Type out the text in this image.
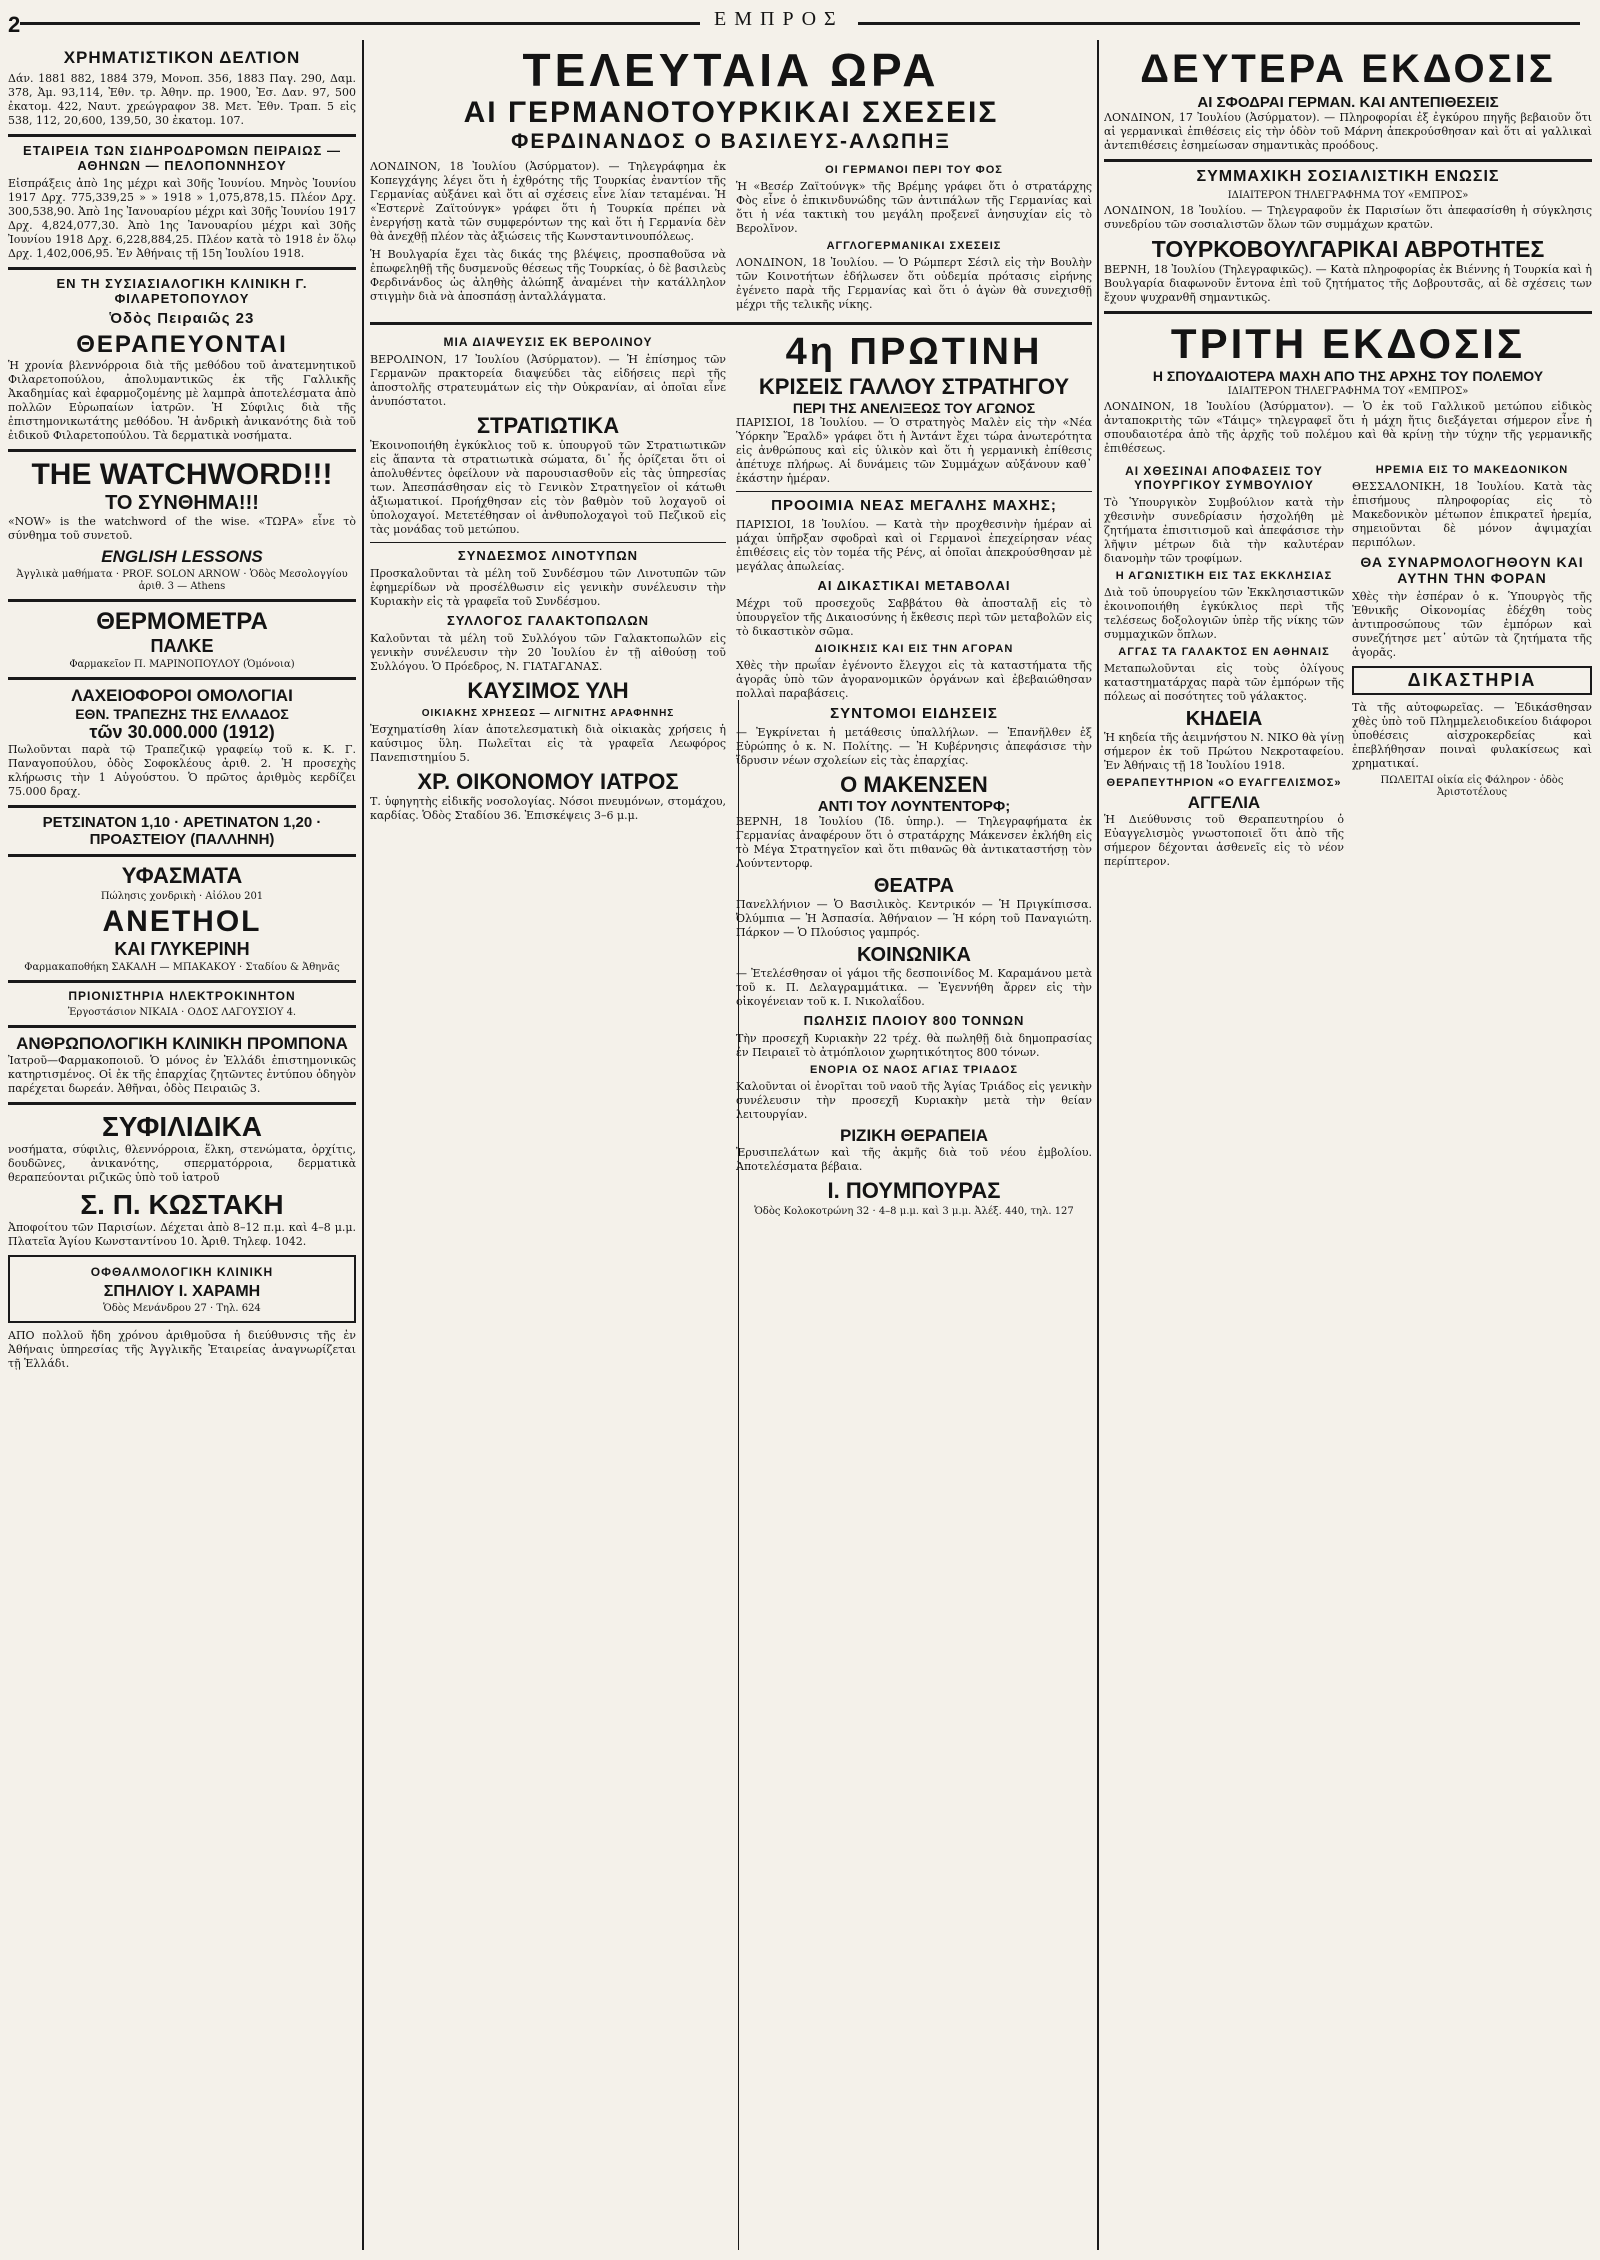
2	ΕΜΠΡΟΣ
ΧΡΗΜΑΤΙΣΤΙΚΟΝ ΔΕΛΤΙΟΝ

Δάν. 1881 882, 1884 379, Μονοπ. 356, 1883 Παγ. 290, Δαμ. 378, Ἀμ. 93,114, Ἐθν. τρ. Ἀθην. πρ. 1900, Ἐσ. Δαν. 97, 500 ἐκατομ. 422, Ναυτ. χρεώγραφον 38. Μετ. Ἐθν. Τραπ. 5 εἰς 538, 112, 20,600, 139,50, 30 ἐκατομ. 107.

ΕΤΑΙΡΕΙΑ ΤΩΝ ΣΙΔΗΡΟΔΡΟΜΩΝ ΠΕΙΡΑΙΩΣ — ΑΘΗΝΩΝ — ΠΕΛΟΠΟΝΝΗΣΟΥ

Εἰσπράξεις ἀπὸ 1ης μέχρι καὶ 30ῆς Ἰουνίου. Μηνὸς Ἰουνίου 1917 Δρχ. 775,339,25 » » 1918 » 1,075,878,15. Πλέον Δρχ. 300,538,90. Ἀπὸ 1ης Ἰανουαρίου μέχρι καὶ 30ῆς Ἰουνίου 1917 Δρχ. 4,824,077,30. Ἀπὸ 1ης Ἰανουαρίου μέχρι καὶ 30ῆς Ἰουνίου 1918 Δρχ. 6,228,884,25. Πλέον κατὰ τὸ 1918 ἐν ὅλῳ Δρχ. 1,402,006,95. Ἐν Ἀθήναις τῇ 15η Ἰουλίου 1918.

ΕΝ ΤΗ ΣΥΣΙΑΣΙΑΛΟΓΙΚΗ ΚΛΙΝΙΚΗ Γ. ΦΙΛΑΡΕΤΟΠΟΥΛΟΥ
Ὁδὸς Πειραιῶς 23
ΘΕΡΑΠΕΥΟΝΤΑΙ

Ἡ χρονία βλεννόρροια διὰ τῆς μεθόδου τοῦ ἀνατεμνητικοῦ Φιλαρετοπούλου, ἀπολυμαντικῶς ἐκ τῆς Γαλλικῆς Ἀκαδημίας καὶ ἐφαρμοζομένης μὲ λαμπρὰ ἀποτελέσματα ἀπὸ πολλῶν Εὐρωπαίων ἰατρῶν. Ἡ Σύφιλις διὰ τῆς ἐπιστημονικωτάτης μεθόδου. Ἡ ἀνδρικὴ ἀνικανότης διὰ τοῦ ἐιδικοῦ Φιλαρετοπούλου. Τὰ δερματικὰ νοσήματα.

THE WATCHWORD!!!
ΤΟ ΣΥΝΘΗΜΑ!!!

«NOW» is the watchword of the wise. «ΤΩΡΑ» εἶνε τὸ σύνθημα τοῦ συνετοῦ.

ENGLISH LESSONS

Ἀγγλικὰ μαθήματα · PROF. SOLON ARNOW · Ὁδὸς Μεσολογγίου ἀριθ. 3 — Athens

ΘΕΡΜΟΜΕΤΡΑ
ΠΑΛΚΕ

Φαρμακεῖον Π. ΜΑΡΙΝΟΠΟΥΛΟΥ (Ὁμόνοια)

ΛΑΧΕΙΟΦΟΡΟΙ ΟΜΟΛΟΓΙΑΙ
ΕΘΝ. ΤΡΑΠΕΖΗΣ ΤΗΣ ΕΛΛΑΔΟΣ
τῶν 30.000.000 (1912)

Πωλοῦνται παρὰ τῷ Τραπεζικῷ γραφείῳ τοῦ κ. Κ. Γ. Παναγοπούλου, ὁδὸς Σοφοκλέους ἀριθ. 2. Ἡ προσεχὴς κλήρωσις τὴν 1 Αὐγούστου. Ὁ πρῶτος ἀριθμὸς κερδίζει 75.000 δραχ.

ΡΕΤΣΙΝΑΤΟΝ 1,10 · ΑΡΕΤΙΝΑΤΟΝ 1,20 · ΠΡΟΑΣΤΕΙΟΥ (ΠΑΛΛΗΝΗ)
ΥΦΑΣΜΑΤΑ

Πώλησις χονδρικὴ · Αἰόλου 201

ANETHOL
ΚΑΙ ΓΛΥΚΕΡΙΝΗ

Φαρμακαποθήκη ΣΑΚΑΛΗ — ΜΠΑΚΑΚΟΥ · Σταδίου & Ἀθηνᾶς

ΠΡΙΟΝΙΣΤΗΡΙΑ ΗΛΕΚΤΡΟΚΙΝΗΤΟΝ

Ἐργοστάσιον ΝΙΚΑΙΑ · ΟΔΟΣ ΛΑΓΟΥΣΙΟΥ 4.

ΑΝΘΡΩΠΟΛΟΓΙΚΗ ΚΛΙΝΙΚΗ ΠΡΟΜΠΟΝΑ

Ἰατροῦ—Φαρμακοποιοῦ. Ὁ μόνος ἐν Ἑλλάδι ἐπιστημονικῶς κατηρτισμένος. Οἱ ἐκ τῆς ἐπαρχίας ζητῶντες ἐντύπου ὁδηγὸν παρέχεται δωρεάν. Ἀθῆναι, ὁδὸς Πειραιῶς 3.

ΣΥΦΙΛΙΔΙΚΑ

νοσήματα, σύφιλις, θλεννόρροια, ἕλκη, στενώματα, ὀρχίτις, δουδῶνες, ἀνικανότης, σπερματόρροια, δερματικὰ θεραπεύονται ριζικῶς ὑπὸ τοῦ ἰατροῦ

Σ. Π. ΚΩΣΤΑΚΗ

Ἀποφοίτου τῶν Παρισίων. Δέχεται ἀπὸ 8–12 π.μ. καὶ 4–8 μ.μ. Πλατεῖα Ἁγίου Κωνσταντίνου 10. Ἀριθ. Τηλεφ. 1042.

ΟΦΘΑΛΜΟΛΟΓΙΚΗ ΚΛΙΝΙΚΗ
ΣΠΗΛΙΟΥ Ι. ΧΑΡΑΜΗ

Ὁδὸς Μενάνδρου 27 · Τηλ. 624

ΑΠΟ πολλοῦ ἤδη χρόνου ἀριθμοῦσα ἡ διεύθυνσις τῆς ἐν Ἀθήναις ὑπηρεσίας τῆς Ἀγγλικῆς Ἐταιρείας ἀναγνωρίζεται τῇ Ἑλλάδι.

ΤΕΛΕΥΤΑΙΑ ΩΡΑ
ΑΙ ΓΕΡΜΑΝΟΤΟΥΡΚΙΚΑΙ ΣΧΕΣΕΙΣ
ΦΕΡΔΙΝΑΝΔΟΣ Ο ΒΑΣΙΛΕΥΣ-ΑΛΩΠΗΞ

ΛΟΝΔΙΝΟΝ, 18 Ἰουλίου (Ἀσύρματον). — Τηλεγράφημα ἐκ Κοπεγχάγης λέγει ὅτι ἡ ἐχθρότης τῆς Τουρκίας ἐναντίον τῆς Γερμανίας αὐξάνει καὶ ὅτι αἱ σχέσεις εἶνε λίαν τεταμέναι. Ἡ «Ἐστερνὲ Ζαϊτούνγκ» γράφει ὅτι ἡ Τουρκία πρέπει νὰ ἐνεργήσῃ κατὰ τῶν συμφερόντων της καὶ ὅτι ἡ Γερμανία δὲν θὰ ἀνεχθῇ πλέον τὰς ἀξιώσεις τῆς Κωνσταντινουπόλεως.

Ἡ Βουλγαρία ἔχει τὰς δικάς της βλέψεις, προσπαθοῦσα νὰ ἐπωφεληθῇ τῆς δυσμενοῦς θέσεως τῆς Τουρκίας, ὁ δὲ βασιλεὺς Φερδινάνδος ὡς ἀληθὴς ἀλώπηξ ἀναμένει τὴν κατάλληλον στιγμὴν διὰ νὰ ἀποσπάσῃ ἀνταλλάγματα.

ΟΙ ΓΕΡΜΑΝΟΙ ΠΕΡΙ ΤΟΥ ΦΟΣ

Ἡ «Βεσέρ Ζαϊτούνγκ» τῆς Βρέμης γράφει ὅτι ὁ στρατάρχης Φὸς εἶνε ὁ ἐπικινδυνώδης τῶν ἀντιπάλων τῆς Γερμανίας καὶ ὅτι ἡ νέα τακτικὴ του μεγάλη προξενεῖ ἀνησυχίαν εἰς τὸ Βερολῖνον.

ΑΓΓΛΟΓΕΡΜΑΝΙΚΑΙ ΣΧΕΣΕΙΣ

ΛΟΝΔΙΝΟΝ, 18 Ἰουλίου. — Ὁ Ρώμπερτ Σέσιλ εἰς τὴν Βουλὴν τῶν Κοινοτήτων ἐδήλωσεν ὅτι οὐδεμία πρότασις εἰρήνης ἐγένετο παρὰ τῆς Γερμανίας καὶ ὅτι ὁ ἀγὼν θὰ συνεχισθῇ μέχρι τῆς τελικῆς νίκης.

ΜΙΑ ΔΙΑΨΕΥΣΙΣ ΕΚ ΒΕΡΟΛΙΝΟΥ

ΒΕΡΟΛΙΝΟΝ, 17 Ἰουλίου (Ἀσύρματον). — Ἡ ἐπίσημος τῶν Γερμανῶν πρακτορεία διαψεύδει τὰς εἰδήσεις περὶ τῆς ἀποστολῆς στρατευμάτων εἰς τὴν Οὐκρανίαν, αἱ ὁποῖαι εἶνε ἀνυπόστατοι.

ΣΤΡΑΤΙΩΤΙΚΑ

Ἐκοινοποιήθη ἐγκύκλιος τοῦ κ. ὑπουργοῦ τῶν Στρατιωτικῶν εἰς ἅπαντα τὰ στρατιωτικὰ σώματα, δι᾿ ἧς ὁρίζεται ὅτι οἱ ἀπολυθέντες ὀφείλουν νὰ παρουσιασθοῦν εἰς τὰς ὑπηρεσίας των. Ἀπεσπάσθησαν εἰς τὸ Γενικὸν Στρατηγεῖον οἱ κάτωθι ἀξιωματικοί. Προήχθησαν εἰς τὸν βαθμὸν τοῦ λοχαγοῦ οἱ ὑπολοχαγοί. Μετετέθησαν οἱ ἀνθυπολοχαγοὶ τοῦ Πεζικοῦ εἰς τὰς μονάδας τοῦ μετώπου.

ΣΥΝΔΕΣΜΟΣ ΛΙΝΟΤΥΠΩΝ

Προσκαλοῦνται τὰ μέλη τοῦ Συνδέσμου τῶν Λινοτυπῶν τῶν ἐφημερίδων νὰ προσέλθωσιν εἰς γενικὴν συνέλευσιν τὴν Κυριακὴν εἰς τὰ γραφεῖα τοῦ Συνδέσμου.

ΣΥΛΛΟΓΟΣ ΓΑΛΑΚΤΟΠΩΛΩΝ

Καλοῦνται τὰ μέλη τοῦ Συλλόγου τῶν Γαλακτοπωλῶν εἰς γενικὴν συνέλευσιν τὴν 20 Ἰουλίου ἐν τῇ αἰθούσῃ τοῦ Συλλόγου. Ὁ Πρόεδρος, Ν. ΓΙΑΤΑΓΑΝΑΣ.

ΚΑΥΣΙΜΟΣ ΥΛΗ
ΟΙΚΙΑΚΗΣ ΧΡΗΣΕΩΣ — ΛΙΓΝΙΤΗΣ ΑΡΑΦΗΝΗΣ

Ἐσχηματίσθη λίαν ἀποτελεσματικὴ διὰ οἰκιακὰς χρήσεις ἡ καύσιμος ὕλη. Πωλεῖται εἰς τὰ γραφεῖα Λεωφόρος Πανεπιστημίου 5.

ΧΡ. ΟΙΚΟΝΟΜΟΥ ΙΑΤΡΟΣ

Τ. ὑφηγητὴς εἰδικῆς νοσολογίας. Νόσοι πνευμόνων, στομάχου, καρδίας. Ὁδὸς Σταδίου 36. Ἐπισκέψεις 3–6 μ.μ.

4η ΠΡΩΤΙΝΗ
ΚΡΙΣΕΙΣ ΓΑΛΛΟΥ ΣΤΡΑΤΗΓΟΥ
ΠΕΡΙ ΤΗΣ ΑΝΕΛΙΞΕΩΣ ΤΟΥ ΑΓΩΝΟΣ

ΠΑΡΙΣΙΟΙ, 18 Ἰουλίου. — Ὁ στρατηγὸς Μαλὲν εἰς τὴν «Νέα Ὑόρκην Ἕραλδ» γράφει ὅτι ἡ Ἀντάντ ἔχει τώρα ἀνωτερότητα εἰς ἀνθρώπους καὶ εἰς ὑλικὸν καὶ ὅτι ἡ γερμανικὴ ἐπίθεσις ἀπέτυχε πλήρως. Αἱ δυνάμεις τῶν Συμμάχων αὐξάνουν καθ᾿ ἑκάστην ἡμέραν.

ΠΡΟΟΙΜΙΑ ΝΕΑΣ ΜΕΓΑΛΗΣ ΜΑΧΗΣ;

ΠΑΡΙΣΙΟΙ, 18 Ἰουλίου. — Κατὰ τὴν προχθεσινὴν ἡμέραν αἱ μάχαι ὑπῆρξαν σφοδραὶ καὶ οἱ Γερμανοὶ ἐπεχείρησαν νέας ἐπιθέσεις εἰς τὸν τομέα τῆς Ρένς, αἱ ὁποῖαι ἀπεκρούσθησαν μὲ μεγάλας ἀπωλείας.

ΑΙ ΔΙΚΑΣΤΙΚΑΙ ΜΕΤΑΒΟΛΑΙ

Μέχρι τοῦ προσεχοῦς Σαββάτου θὰ ἀποσταλῇ εἰς τὸ ὑπουργεῖον τῆς Δικαιοσύνης ἡ ἔκθεσις περὶ τῶν μεταβολῶν εἰς τὸ δικαστικὸν σῶμα.

ΔΙΟΙΚΗΣΙΣ ΚΑΙ ΕΙΣ ΤΗΝ ΑΓΟΡΑΝ

Χθὲς τὴν πρωΐαν ἐγένοντο ἔλεγχοι εἰς τὰ καταστήματα τῆς ἀγορᾶς ὑπὸ τῶν ἀγορανομικῶν ὀργάνων καὶ ἐβεβαιώθησαν πολλαὶ παραβάσεις.

ΣΥΝΤΟΜΟΙ ΕΙΔΗΣΕΙΣ

— Ἐγκρίνεται ἡ μετάθεσις ὑπαλλήλων. — Ἐπανῆλθεν ἐξ Εὐρώπης ὁ κ. Ν. Πολίτης. — Ἡ Κυβέρνησις ἀπεφάσισε τὴν ἵδρυσιν νέων σχολείων εἰς τὰς ἐπαρχίας.

Ο ΜΑΚΕΝΣΕΝ
ΑΝΤΙ ΤΟΥ ΛΟΥΝΤΕΝΤΟΡΦ;

ΒΕΡΝΗ, 18 Ἰουλίου (Ἰδ. ὑπηρ.). — Τηλεγραφήματα ἐκ Γερμανίας ἀναφέρουν ὅτι ὁ στρατάρχης Μάκενσεν ἐκλήθη εἰς τὸ Μέγα Στρατηγεῖον καὶ ὅτι πιθανῶς θὰ ἀντικαταστήσῃ τὸν Λούντεντορφ.

ΘΕΑΤΡΑ

Πανελλήνιον — Ὁ Βασιλικὸς. Κεντρικόν — Ἡ Πριγκίπισσα. Ὀλύμπια — Ἡ Ἀσπασία. Ἀθήναιον — Ἡ κόρη τοῦ Παναγιώτη. Πάρκον — Ὁ Πλούσιος γαμπρός.

ΚΟΙΝΩΝΙΚΑ

— Ἐτελέσθησαν οἱ γάμοι τῆς δεσποινίδος Μ. Καραμάνου μετὰ τοῦ κ. Π. Δελαγραμμάτικα. — Ἐγεννήθη ἄρρεν εἰς τὴν οἰκογένειαν τοῦ κ. Ι. Νικολαΐδου.

ΠΩΛΗΣΙΣ ΠΛΟΙΟΥ 800 ΤΟΝΝΩΝ

Τὴν προσεχῆ Κυριακὴν 22 τρέχ. θὰ πωληθῇ διὰ δημοπρασίας ἐν Πειραιεῖ τὸ ἀτμόπλοιον χωρητικότητος 800 τόνων.

ΕΝΟΡΙΑ ΟΣ ΝΑΟΣ ΑΓΙΑΣ ΤΡΙΑΔΟΣ

Καλοῦνται οἱ ἐνορῖται τοῦ ναοῦ τῆς Ἁγίας Τριάδος εἰς γενικὴν συνέλευσιν τὴν προσεχῆ Κυριακὴν μετὰ τὴν θείαν λειτουργίαν.

ΡΙΖΙΚΗ ΘΕΡΑΠΕΙΑ

Ἐρυσιπελάτων καὶ τῆς ἀκμῆς διὰ τοῦ νέου ἐμβολίου. Ἀποτελέσματα βέβαια.

Ι. ΠΟΥΜΠΟΥΡΑΣ

Ὁδὸς Κολοκοτρώνη 32 · 4–8 μ.μ. καὶ 3 μ.μ. Ἀλέξ. 440, τηλ. 127

ΔΕΥΤΕΡΑ ΕΚΔΟΣΙΣ
ΑΙ ΣΦΟΔΡΑΙ ΓΕΡΜΑΝ. ΚΑΙ ΑΝΤΕΠΙΘΕΣΕΙΣ

ΛΟΝΔΙΝΟΝ, 17 Ἰουλίου (Ἀσύρματον). — Πληροφορίαι ἐξ ἐγκύρου πηγῆς βεβαιοῦν ὅτι αἱ γερμανικαὶ ἐπιθέσεις εἰς τὴν ὁδὸν τοῦ Μάρνη ἀπεκρούσθησαν καὶ ὅτι αἱ γαλλικαὶ ἀντεπιθέσεις ἐσημείωσαν σημαντικὰς προόδους.

ΣΥΜΜΑΧΙΚΗ ΣΟΣΙΑΛΙΣΤΙΚΗ ΕΝΩΣΙΣ
ΙΔΙΑΙΤΕΡΟΝ ΤΗΛΕΓΡΑΦΗΜΑ ΤΟΥ «ΕΜΠΡΟΣ»

ΛΟΝΔΙΝΟΝ, 18 Ἰουλίου. — Τηλεγραφοῦν ἐκ Παρισίων ὅτι ἀπεφασίσθη ἡ σύγκλησις συνεδρίου τῶν σοσιαλιστῶν ὅλων τῶν συμμάχων κρατῶν.

ΤΟΥΡΚΟΒΟΥΛΓΑΡΙΚΑΙ ΑΒΡΟΤΗΤΕΣ

ΒΕΡΝΗ, 18 Ἰουλίου (Τηλεγραφικῶς). — Κατὰ πληροφορίας ἐκ Βιέννης ἡ Τουρκία καὶ ἡ Βουλγαρία διαφωνοῦν ἔντονα ἐπὶ τοῦ ζητήματος τῆς Δοβρουτσᾶς, αἱ δὲ σχέσεις των ἔχουν ψυχρανθῆ σημαντικῶς.

ΤΡΙΤΗ ΕΚΔΟΣΙΣ
Η ΣΠΟΥΔΑΙΟΤΕΡΑ ΜΑΧΗ ΑΠΟ ΤΗΣ ΑΡΧΗΣ ΤΟΥ ΠΟΛΕΜΟΥ
ΙΔΙΑΙΤΕΡΟΝ ΤΗΛΕΓΡΑΦΗΜΑ ΤΟΥ «ΕΜΠΡΟΣ»

ΛΟΝΔΙΝΟΝ, 18 Ἰουλίου (Ἀσύρματον). — Ὁ ἐκ τοῦ Γαλλικοῦ μετώπου εἰδικὸς ἀνταποκριτὴς τῶν «Τάιμς» τηλεγραφεῖ ὅτι ἡ μάχη ἥτις διεξάγεται σήμερον εἶνε ἡ σπουδαιοτέρα ἀπὸ τῆς ἀρχῆς τοῦ πολέμου καὶ θὰ κρίνῃ τὴν τύχην τῆς γερμανικῆς ἐπιθέσεως.

ΑΙ ΧΘΕΣΙΝΑΙ ΑΠΟΦΑΣΕΙΣ ΤΟΥ ΥΠΟΥΡΓΙΚΟΥ ΣΥΜΒΟΥΛΙΟΥ

Τὸ Ὑπουργικὸν Συμβούλιον κατὰ τὴν χθεσινὴν συνεδρίασιν ἠσχολήθη μὲ ζητήματα ἐπισιτισμοῦ καὶ ἀπεφάσισε τὴν λῆψιν μέτρων διὰ τὴν καλυτέραν διανομὴν τῶν τροφίμων.

Η ΑΓΩΝΙΣΤΙΚΗ ΕΙΣ ΤΑΣ ΕΚΚΛΗΣΙΑΣ

Διὰ τοῦ ὑπουργείου τῶν Ἐκκλησιαστικῶν ἐκοινοποιήθη ἐγκύκλιος περὶ τῆς τελέσεως δοξολογιῶν ὑπὲρ τῆς νίκης τῶν συμμαχικῶν ὅπλων.

ΑΓΓΑΣ ΤΑ ΓΑΛΑΚΤΟΣ ΕΝ ΑΘΗΝΑΙΣ

Μεταπωλοῦνται εἰς τοὺς ὀλίγους καταστηματάρχας παρὰ τῶν ἐμπόρων τῆς πόλεως αἱ ποσότητες τοῦ γάλακτος.

ΚΗΔΕΙΑ

Ἡ κηδεία τῆς ἀειμνήστου Ν. ΝΙΚΟ θὰ γίνῃ σήμερον ἐκ τοῦ Πρώτου Νεκροταφείου. Ἐν Ἀθήναις τῇ 18 Ἰουλίου 1918.

ΘΕΡΑΠΕΥΤΗΡΙΟΝ «Ο ΕΥΑΓΓΕΛΙΣΜΟΣ»
ΑΓΓΕΛΙΑ

Ἡ Διεύθυνσις τοῦ Θεραπευτηρίου ὁ Εὐαγγελισμὸς γνωστοποιεῖ ὅτι ἀπὸ τῆς σήμερον δέχονται ἀσθενεῖς εἰς τὸ νέον περίπτερον.

ΗΡΕΜΙΑ ΕΙΣ ΤΟ ΜΑΚΕΔΟΝΙΚΟΝ

ΘΕΣΣΑΛΟΝΙΚΗ, 18 Ἰουλίου. Κατὰ τὰς ἐπισήμους πληροφορίας εἰς τὸ Μακεδονικὸν μέτωπον ἐπικρατεῖ ἡρεμία, σημειοῦνται δὲ μόνον ἀψιμαχίαι περιπόλων.

ΘΑ ΣΥΝΑΡΜΟΛΟΓΗΘΟΥΝ ΚΑΙ ΑΥΤΗΝ ΤΗΝ ΦΟΡΑΝ

Χθὲς τὴν ἑσπέραν ὁ κ. Ὑπουργὸς τῆς Ἐθνικῆς Οἰκονομίας ἐδέχθη τοὺς ἀντιπροσώπους τῶν ἐμπόρων καὶ συνεζήτησε μετ᾿ αὐτῶν τὰ ζητήματα τῆς ἀγορᾶς.

ΔΙΚΑΣΤΗΡΙΑ

Τὰ τῆς αὐτοφωρεῖας. — Ἐδικάσθησαν χθὲς ὑπὸ τοῦ Πλημμελειοδικείου διάφοροι ὑποθέσεις αἰσχροκερδείας καὶ ἐπεβλήθησαν ποιναὶ φυλακίσεως καὶ χρηματικαί.

ΠΩΛΕΙΤΑΙ οἰκία εἰς Φάληρον · ὁδὸς Ἀριστοτέλους
